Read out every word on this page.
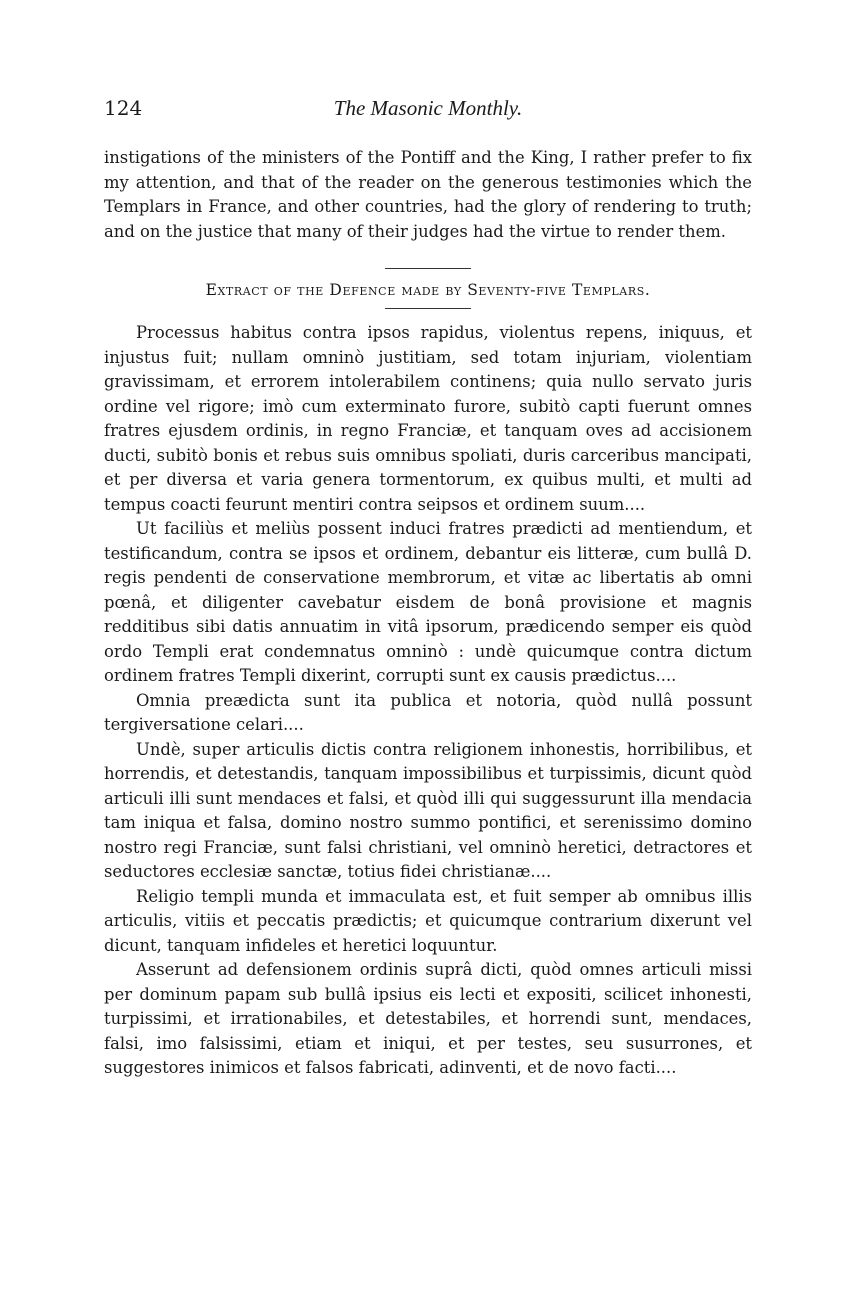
124	The Masonic Monthly.

instigations of the ministers of the Pontiff and the King, I rather prefer to fix my attention, and that of the reader on the generous testimonies which the Templars in France, and other countries, had the glory of rendering to truth; and on the justice that many of their judges had the virtue to render them.

Extract of the Defence made by Seventy-five Templars.

Processus habitus contra ipsos rapidus, violentus repens, iniquus, et injustus fuit; nullam omninò justitiam, sed totam injuriam, violentiam gravissimam, et errorem intolerabilem continens; quia nullo servato juris ordine vel rigore; imò cum exterminato furore, subitò capti fuerunt omnes fratres ejusdem ordinis, in regno Franciæ, et tanquam oves ad accisionem ducti, subitò bonis et rebus suis omnibus spoliati, duris carceribus mancipati, et per diversa et varia genera tormentorum, ex quibus multi, et multi ad tempus coacti feurunt mentiri contra seipsos et ordinem suum....

Ut faciliùs et meliùs possent induci fratres prædicti ad mentiendum, et testificandum, contra se ipsos et ordinem, debantur eis litteræ, cum bullâ D. regis pendenti de conservatione membrorum, et vitæ ac libertatis ab omni pœnâ, et diligenter cavebatur eisdem de bonâ provisione et magnis redditibus sibi datis annuatim in vitâ ipsorum, prædicendo semper eis quòd ordo Templi erat condemnatus omninò : undè quicumque contra dictum ordinem fratres Templi dixerint, corrupti sunt ex causis prædictus....

Omnia preædicta sunt ita publica et notoria, quòd nullâ possunt tergiversatione celari....

Undè, super articulis dictis contra religionem inhonestis, horribilibus, et horrendis, et detestandis, tanquam impossibilibus et turpissimis, dicunt quòd articuli illi sunt mendaces et falsi, et quòd illi qui suggessurunt illa mendacia tam iniqua et falsa, domino nostro summo pontifici, et serenissimo domino nostro regi Franciæ, sunt falsi christiani, vel omninò heretici, detractores et seductores ecclesiæ sanctæ, totius fidei christianæ....

Religio templi munda et immaculata est, et fuit semper ab omnibus illis articulis, vitiis et peccatis prædictis; et quicumque contrarium dixerunt vel dicunt, tanquam infideles et heretici loquuntur.

Asserunt ad defensionem ordinis suprâ dicti, quòd omnes articuli missi per dominum papam sub bullâ ipsius eis lecti et expositi, scilicet inhonesti, turpissimi, et irrationabiles, et detestabiles, et horrendi sunt, mendaces, falsi, imo falsissimi, etiam et iniqui, et per testes, seu susurrones, et suggestores inimicos et falsos fabricati, adinventi, et de novo facti....
